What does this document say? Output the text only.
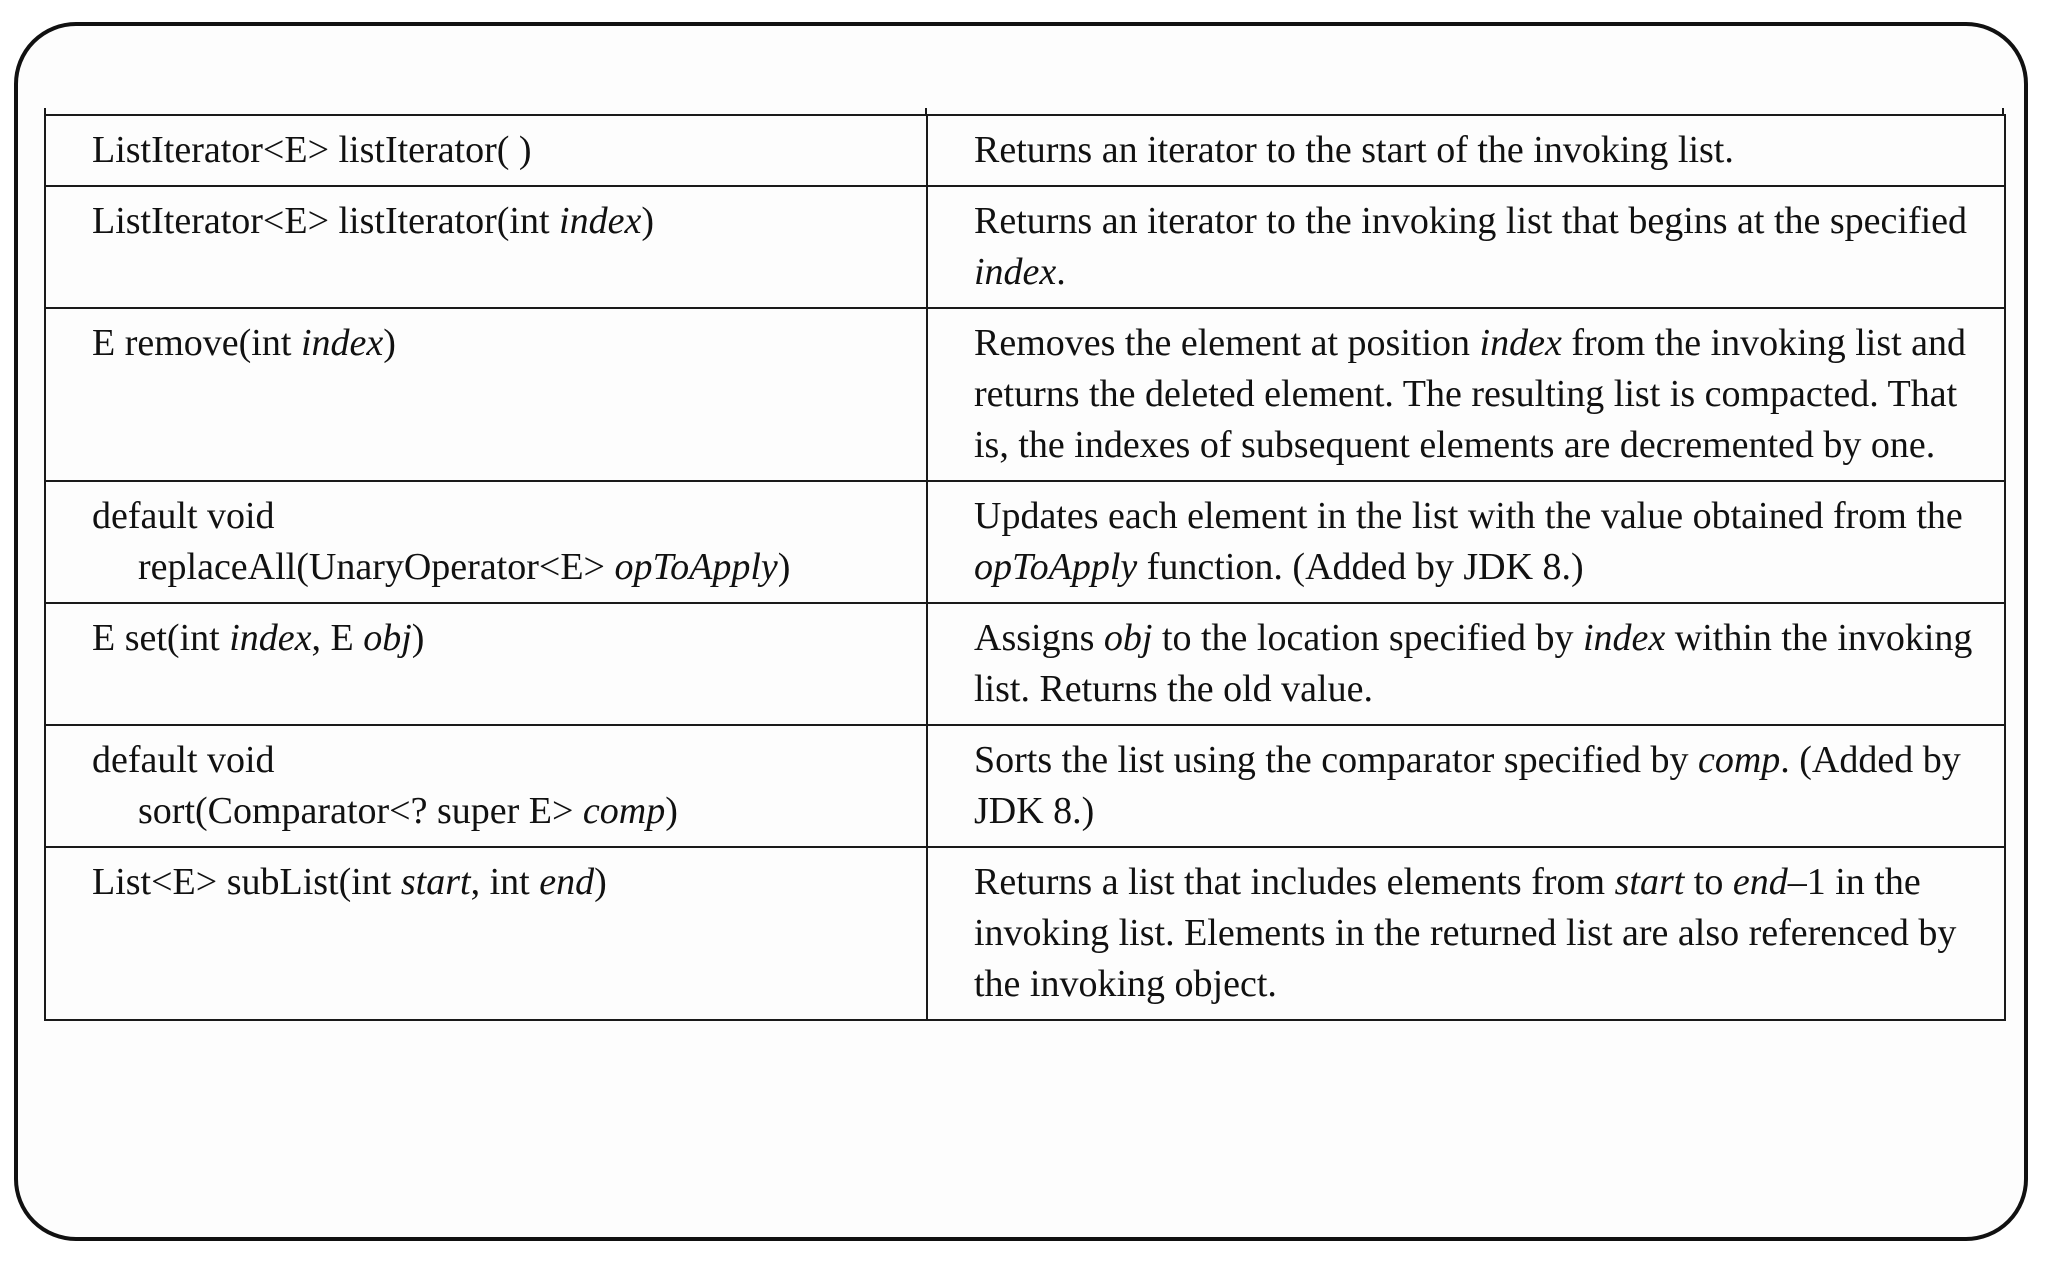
ListIterator<E> listIterator( )	Returns an iterator to the start of the invoking list.
ListIterator<E> listIterator(int index)	Returns an iterator to the invoking list that begins at the specified index.
E remove(int index)	Removes the element at position index from the invoking list and returns the deleted element. The resulting list is compacted. That is, the indexes of subsequent elements are decremented by one.

default void
replaceAll(UnaryOperator<E> opToApply)	Updates each element in the list with the value obtained from the opToApply function. (Added by JDK 8.)
E set(int index, E obj)	Assigns obj to the location specified by index within the invoking list. Returns the old value.

default void
sort(Comparator<? super E> comp)	Sorts the list using the comparator specified by comp. (Added by JDK 8.)
List<E> subList(int start, int end)	Returns a list that includes elements from start to end–1 in the invoking list. Elements in the returned list are also referenced by the invoking object.
